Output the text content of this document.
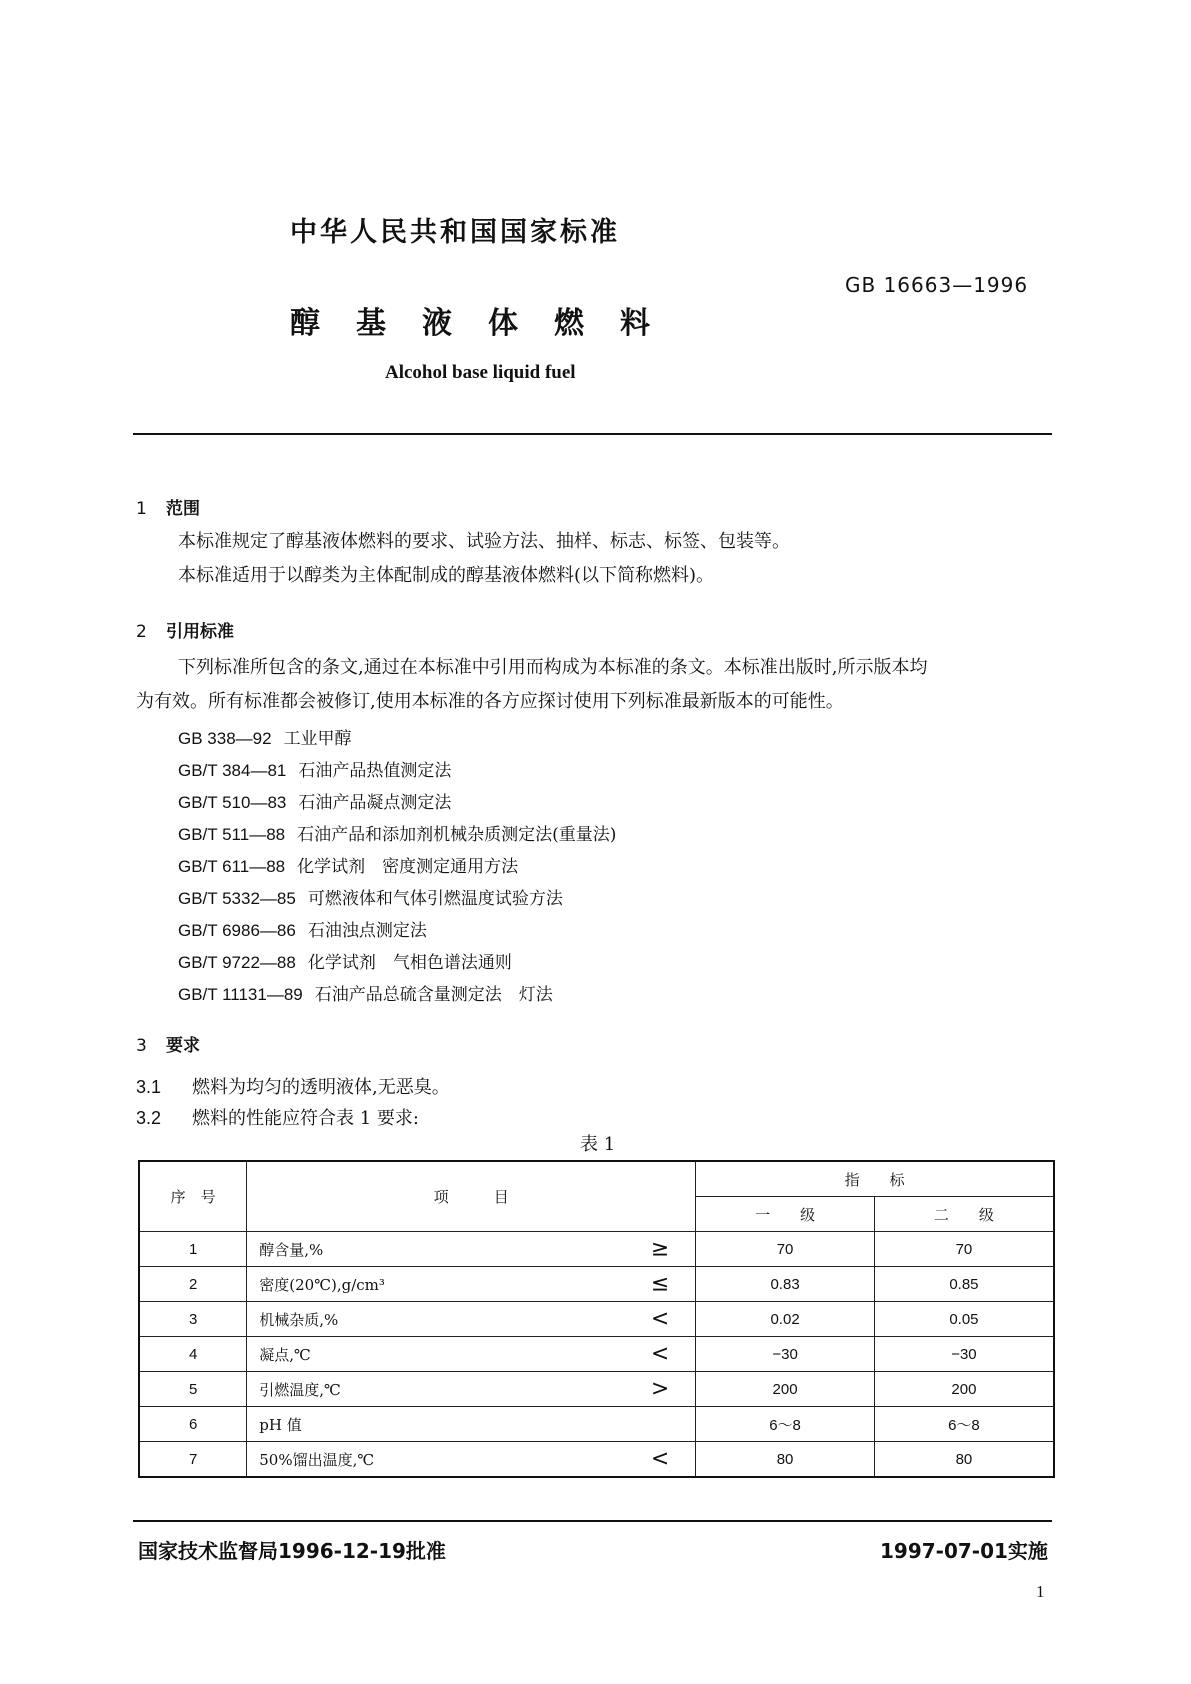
中华人民共和国国家标准
GB 16663—1996
醇 基 液 体 燃 料
Alcohol base liquid fuel
1 范围
本标准规定了醇基液体燃料的要求、试验方法、抽样、标志、标签、包装等。
本标准适用于以醇类为主体配制成的醇基液体燃料(以下简称燃料)。
2 引用标准
下列标准所包含的条文,通过在本标准中引用而构成为本标准的条文。本标准出版时,所示版本均
为有效。所有标准都会被修订,使用本标准的各方应探讨使用下列标准最新版本的可能性。
GB 338—92 工业甲醇
GB/T 384—81 石油产品热值测定法
GB/T 510—83 石油产品凝点测定法
GB/T 511—88 石油产品和添加剂机械杂质测定法(重量法)
GB/T 611—88 化学试剂　密度测定通用方法
GB/T 5332—85 可燃液体和气体引燃温度试验方法
GB/T 6986—86 石油浊点测定法
GB/T 9722—88 化学试剂　气相色谱法通则
GB/T 11131—89 石油产品总硫含量测定法　灯法
3 要求
3.1 燃料为均匀的透明液体,无恶臭。
3.2 燃料的性能应符合表 1 要求:
表 1
序　号	项　　　目	指　　标	
		一　　级	二　　级
1	醇含量,% ≥	70	70
2	密度(20℃),g/cm³ ≤	0.83	0.85
3	机械杂质,% <	0.02	0.05
4	凝点,℃ <	−30	−30
5	引燃温度,℃ >	200	200
6	pH 值	6～8	6～8
7	50%馏出温度,℃ <	80	80
国家技术监督局1996-12-19批准	1997-07-01实施
1
